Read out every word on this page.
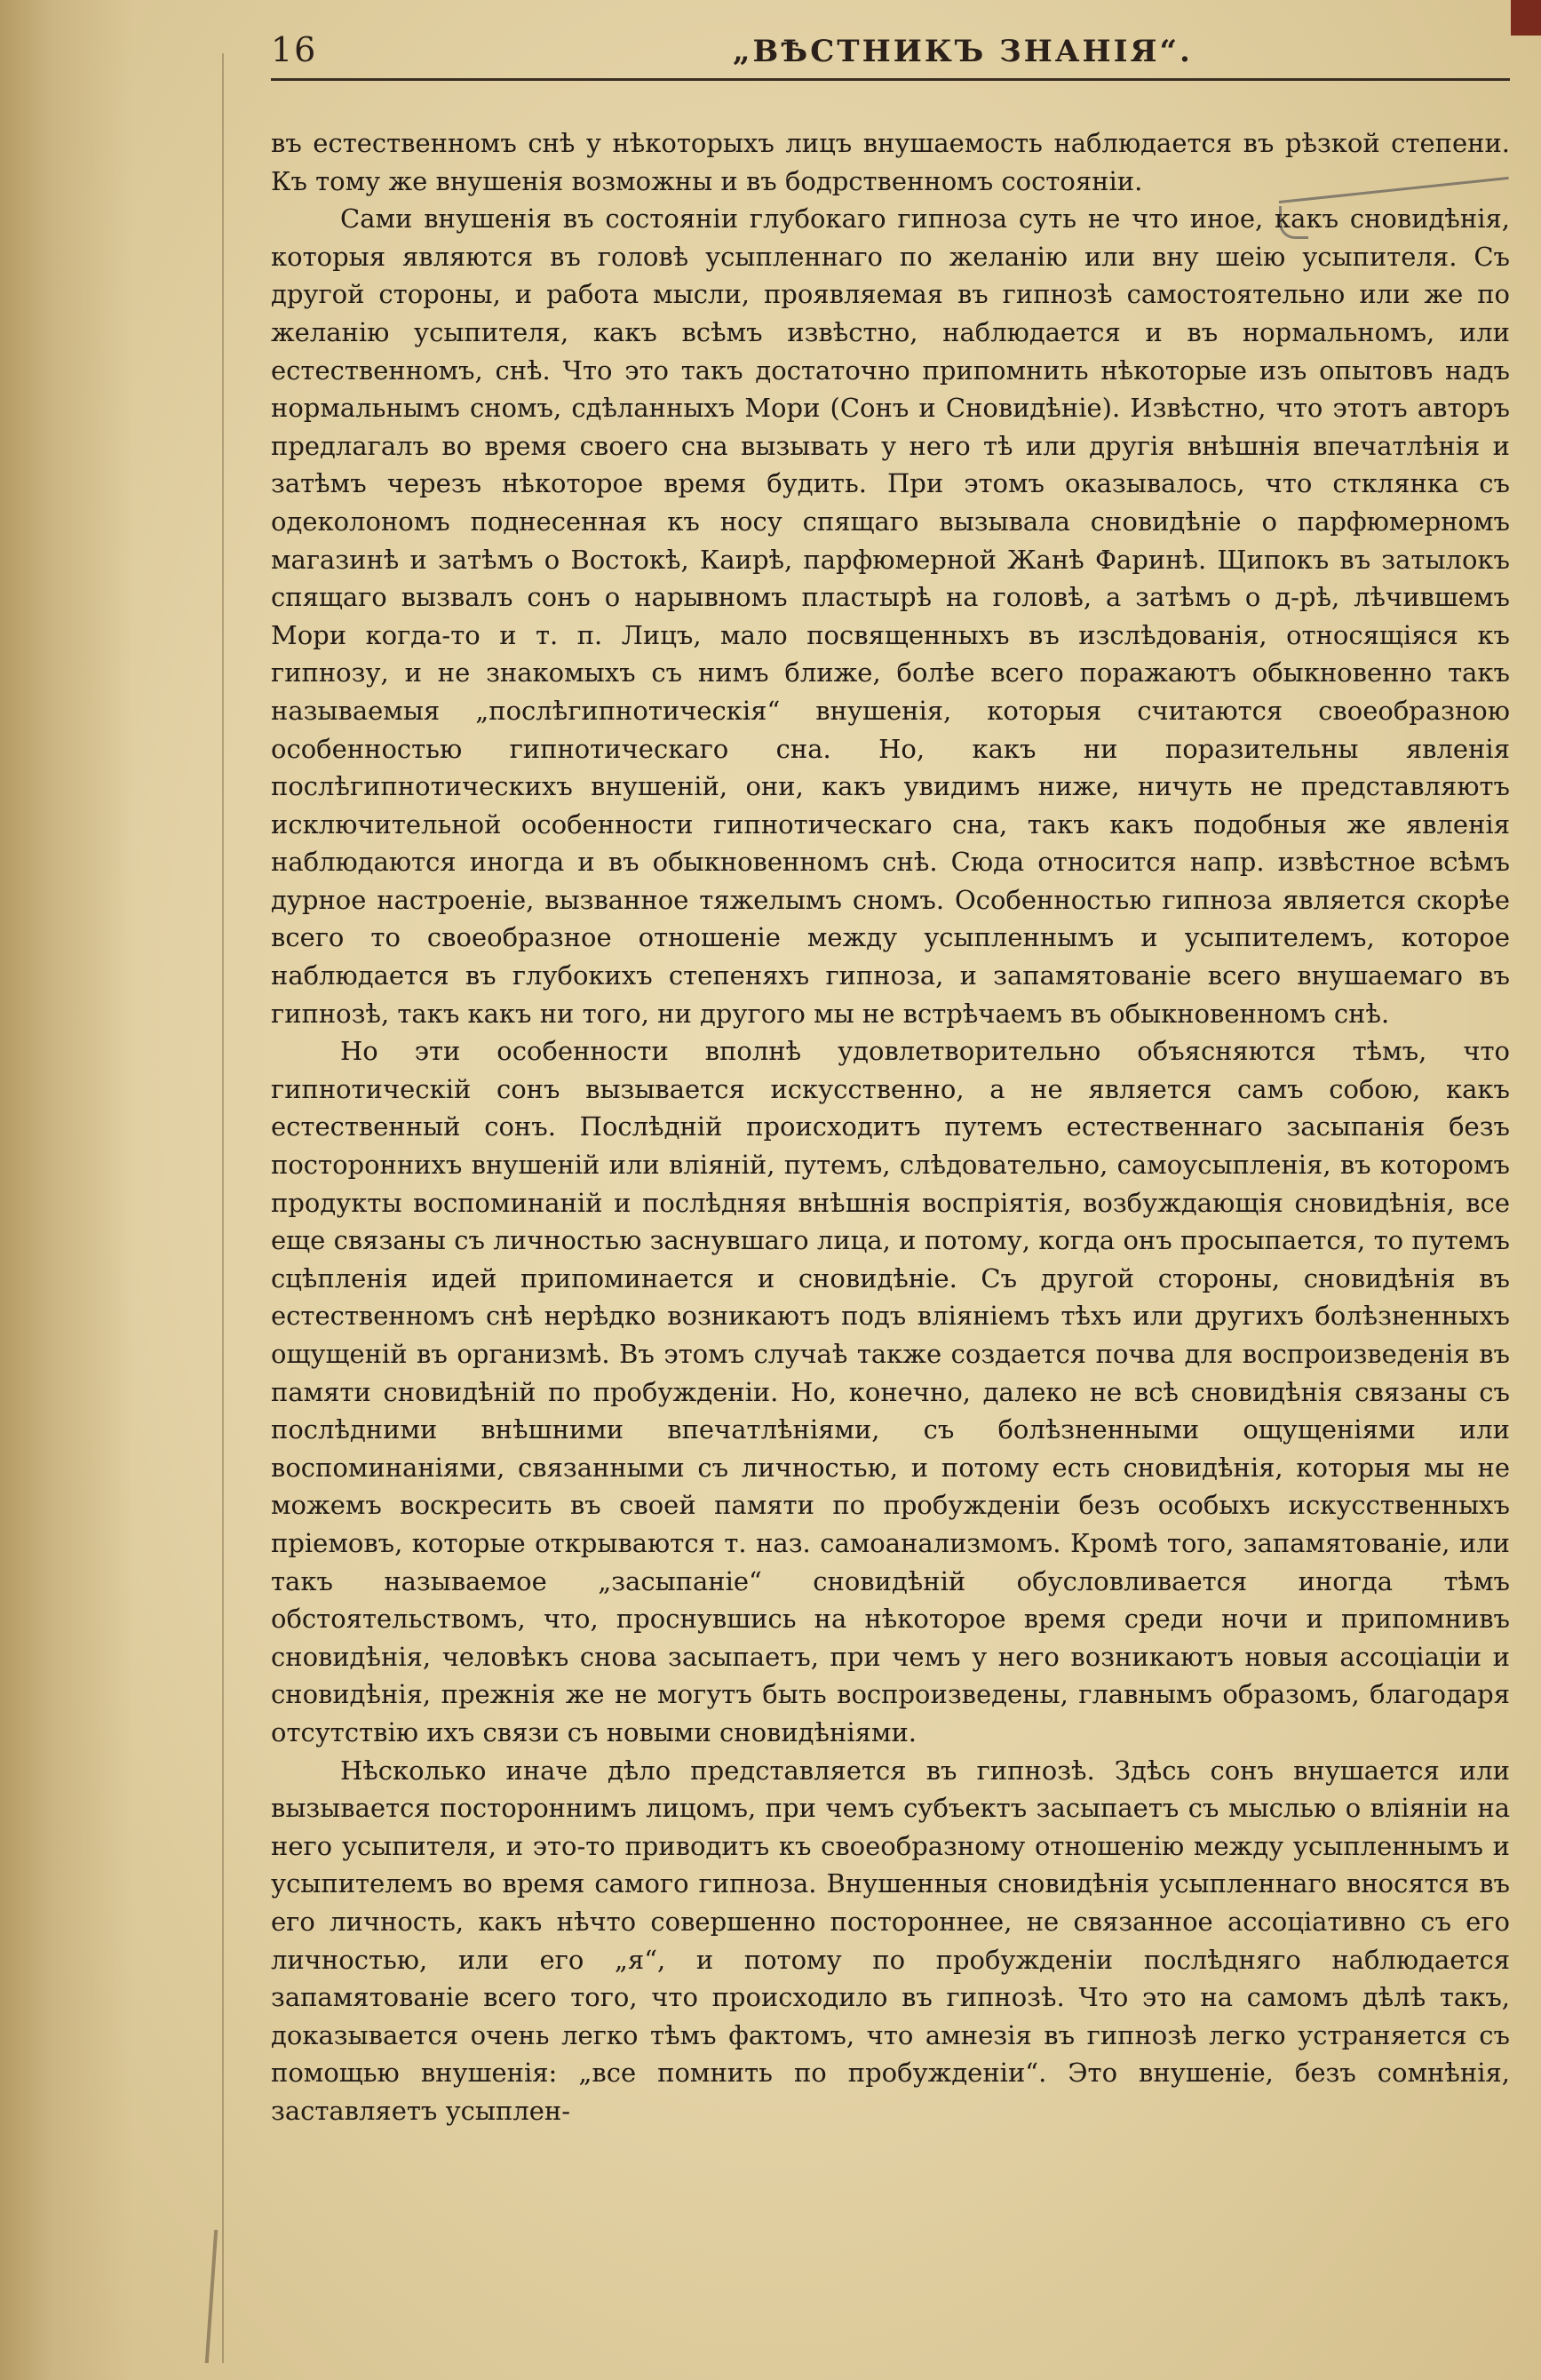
16	„ВѢСТНИКЪ ЗНАНІЯ“.

въ естественномъ снѣ у нѣкоторыхъ лицъ внушаемость наблюдается въ рѣзкой степени. Къ тому же внушенія возможны и въ бодрственномъ состояніи.

Сами внушенія въ состояніи глубокаго гипноза суть не что иное, какъ сновидѣнія, которыя являются въ головѣ усыпленнаго по желанію или вну шеію усыпителя. Съ другой стороны, и работа мысли, проявляемая въ гипнозѣ самостоятельно или же по желанію усыпителя, какъ всѣмъ извѣстно, наблюдается и въ нормальномъ, или естественномъ, снѣ. Что это такъ достаточно припомнить нѣкоторые изъ опытовъ надъ нормальнымъ сномъ, сдѣланныхъ Мори (Сонъ и Сновидѣніе). Извѣстно, что этотъ авторъ предлагалъ во время своего сна вызывать у него тѣ или другія внѣшнія впечатлѣнія и затѣмъ черезъ нѣкоторое время будить. При этомъ оказывалось, что стклянка съ одеколономъ поднесенная къ носу спящаго вызывала сновидѣніе о парфюмерномъ магазинѣ и затѣмъ о Востокѣ, Каирѣ, парфюмерной Жанѣ Фаринѣ. Щипокъ въ затылокъ спящаго вызвалъ сонъ о нарывномъ пластырѣ на головѣ, а затѣмъ о д-рѣ, лѣчившемъ Мори когда-то и т. п. Лицъ, мало посвященныхъ въ изслѣдованія, относящіяся къ гипнозу, и не знакомыхъ съ нимъ ближе, болѣе всего поражаютъ обыкновенно такъ называемыя „послѣгипнотическія“ внушенія, которыя считаются своеобразною особенностью гипнотическаго сна. Но, какъ ни поразительны явленія послѣгипнотическихъ внушеній, они, какъ увидимъ ниже, ничуть не представляютъ исключительной особенности гипнотическаго сна, такъ какъ подобныя же явленія наблюдаются иногда и въ обыкновенномъ снѣ. Сюда относится напр. извѣстное всѣмъ дурное настроеніе, вызванное тяжелымъ сномъ. Особенностью гипноза является скорѣе всего то своеобразное отношеніе между усыпленнымъ и усыпителемъ, которое наблюдается въ глубокихъ степеняхъ гипноза, и запамятованіе всего внушаемаго въ гипнозѣ, такъ какъ ни того, ни другого мы не встрѣчаемъ въ обыкновенномъ снѣ.

Но эти особенности вполнѣ удовлетворительно объясняются тѣмъ, что гипнотическій сонъ вызывается искусственно, а не является самъ собою, какъ естественный сонъ. Послѣдній происходитъ путемъ естественнаго засыпанія безъ постороннихъ внушеній или вліяній, путемъ, слѣдовательно, самоусыпленія, въ которомъ продукты воспоминаній и послѣдняя внѣшнія воспріятія, возбуждающія сновидѣнія, все еще связаны съ личностью заснувшаго лица, и потому, когда онъ просыпается, то путемъ сцѣпленія идей припоминается и сновидѣніе. Съ другой стороны, сновидѣнія въ естественномъ снѣ нерѣдко возникаютъ подъ вліяніемъ тѣхъ или другихъ болѣзненныхъ ощущеній въ организмѣ. Въ этомъ случаѣ также создается почва для воспроизведенія въ памяти сновидѣній по пробужденіи. Но, конечно, далеко не всѣ сновидѣнія связаны съ послѣдними внѣшними впечатлѣніями, съ болѣзненными ощущеніями или воспоминаніями, связанными съ личностью, и потому есть сновидѣнія, которыя мы не можемъ воскресить въ своей памяти по пробужденіи безъ особыхъ искусственныхъ пріемовъ, которые открываются т. наз. самоанализмомъ. Кромѣ того, запамятованіе, или такъ называемое „засыпаніе“ сновидѣній обусловливается иногда тѣмъ обстоятельствомъ, что, проснувшись на нѣкоторое время среди ночи и припомнивъ сновидѣнія, человѣкъ снова засыпаетъ, при чемъ у него возникаютъ новыя ассоціаціи и сновидѣнія, прежнія же не могутъ быть воспроизведены, главнымъ образомъ, благодаря отсутствію ихъ связи съ новыми сновидѣніями.

Нѣсколько иначе дѣло представляется въ гипнозѣ. Здѣсь сонъ внушается или вызывается постороннимъ лицомъ, при чемъ субъектъ засыпаетъ съ мыслью о вліяніи на него усыпителя, и это-то приводитъ къ своеобразному отношенію между усыпленнымъ и усыпителемъ во время самого гипноза. Внушенныя сновидѣнія усыпленнаго вносятся въ его личность, какъ нѣчто совершенно постороннее, не связанное ассоціативно съ его личностью, или его „я“, и потому по пробужденіи послѣдняго наблюдается запамятованіе всего того, что происходило въ гипнозѣ. Что это на самомъ дѣлѣ такъ, доказывается очень легко тѣмъ фактомъ, что амнезія въ гипнозѣ легко устраняется съ помощью внушенія: „все помнить по пробужденіи“. Это внушеніе, безъ сомнѣнія, заставляетъ усыплен-
